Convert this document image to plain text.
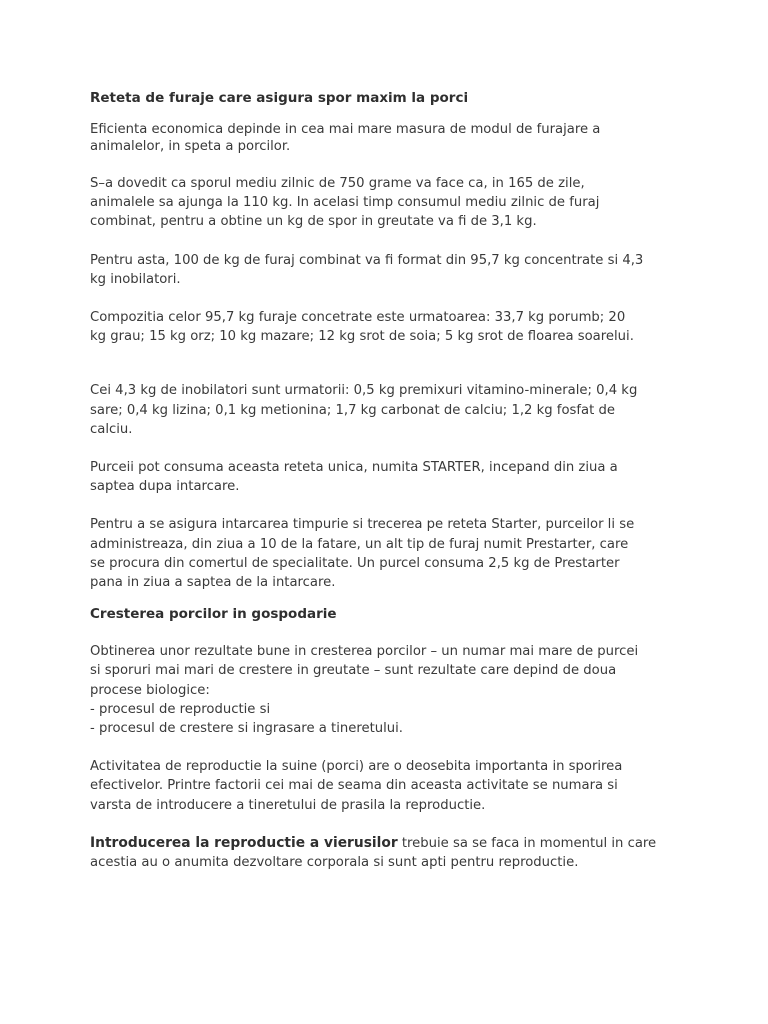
Reteta de furaje care asigura spor maxim la porci
Eficienta economica depinde in cea mai mare masura de modul de furajare a
animalelor, in speta a porcilor.
S–a dovedit ca sporul mediu zilnic de 750 grame va face ca, in 165 de zile,
animalele sa ajunga la 110 kg. In acelasi timp consumul mediu zilnic de furaj
combinat, pentru a obtine un kg de spor in greutate va fi de 3,1 kg.
Pentru asta, 100 de kg de furaj combinat va fi format din 95,7 kg concentrate si 4,3
kg inobilatori.
Compozitia celor 95,7 kg furaje concetrate este urmatoarea: 33,7 kg porumb; 20
kg grau; 15 kg orz; 10 kg mazare; 12 kg srot de soia; 5 kg srot de floarea soarelui.
Cei 4,3 kg de inobilatori sunt urmatorii: 0,5 kg premixuri vitamino-minerale; 0,4 kg
sare; 0,4 kg lizina; 0,1 kg metionina; 1,7 kg carbonat de calciu; 1,2 kg fosfat de
calciu.
Purceii pot consuma aceasta reteta unica, numita STARTER, incepand din ziua a
saptea dupa intarcare.
Pentru a se asigura intarcarea timpurie si trecerea pe reteta Starter, purceilor li se
administreaza, din ziua a 10 de la fatare, un alt tip de furaj numit Prestarter, care
se procura din comertul de specialitate. Un purcel consuma 2,5 kg de Prestarter
pana in ziua a saptea de la intarcare.
Cresterea porcilor in gospodarie
Obtinerea unor rezultate bune in cresterea porcilor – un numar mai mare de purcei
si sporuri mai mari de crestere in greutate – sunt rezultate care depind de doua
procese biologice:
- procesul de reproductie si
- procesul de crestere si ingrasare a tineretului.
Activitatea de reproductie la suine (porci) are o deosebita importanta in sporirea
efectivelor. Printre factorii cei mai de seama din aceasta activitate se numara si
varsta de introducere a tineretului de prasila la reproductie.
Introducerea la reproductie a vierusilor trebuie sa se faca in momentul in care
acestia au o anumita dezvoltare corporala si sunt apti pentru reproductie.
